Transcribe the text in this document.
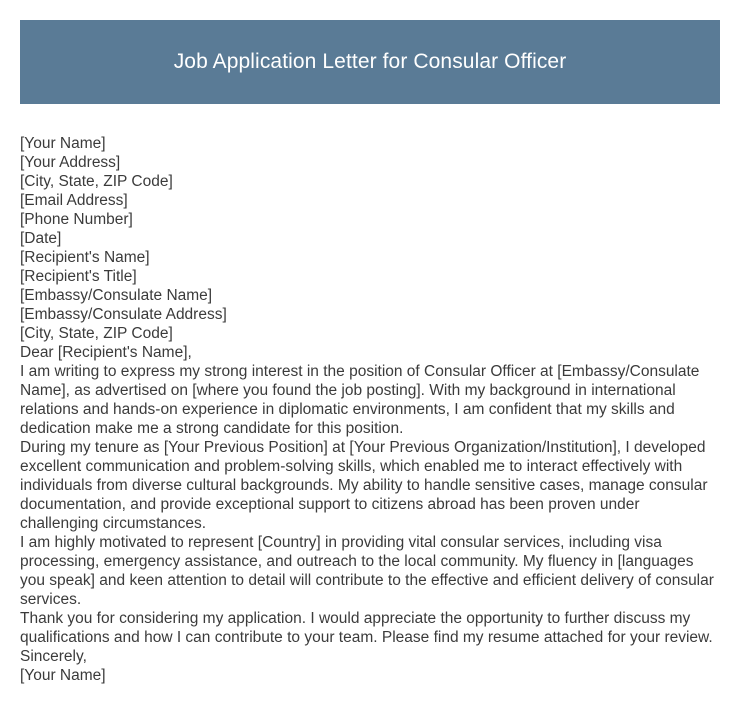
Job Application Letter for Consular Officer
[Your Name]
[Your Address]
[City, State, ZIP Code]
[Email Address]
[Phone Number]
[Date]
[Recipient's Name]
[Recipient's Title]
[Embassy/Consulate Name]
[Embassy/Consulate Address]
[City, State, ZIP Code]
Dear [Recipient's Name],

I am writing to express my strong interest in the position of Consular Officer at [Embassy/Consulate Name], as advertised on [where you found the job posting]. With my background in international relations and hands-on experience in diplomatic environments, I am confident that my skills and dedication make me a strong candidate for this position.

During my tenure as [Your Previous Position] at [Your Previous Organization/Institution], I developed excellent communication and problem-solving skills, which enabled me to interact effectively with individuals from diverse cultural backgrounds. My ability to handle sensitive cases, manage consular documentation, and provide exceptional support to citizens abroad has been proven under challenging circumstances.

I am highly motivated to represent [Country] in providing vital consular services, including visa processing, emergency assistance, and outreach to the local community. My fluency in [languages you speak] and keen attention to detail will contribute to the effective and efficient delivery of consular services.

Thank you for considering my application. I would appreciate the opportunity to further discuss my qualifications and how I can contribute to your team. Please find my resume attached for your review.

Sincerely,
[Your Name]
